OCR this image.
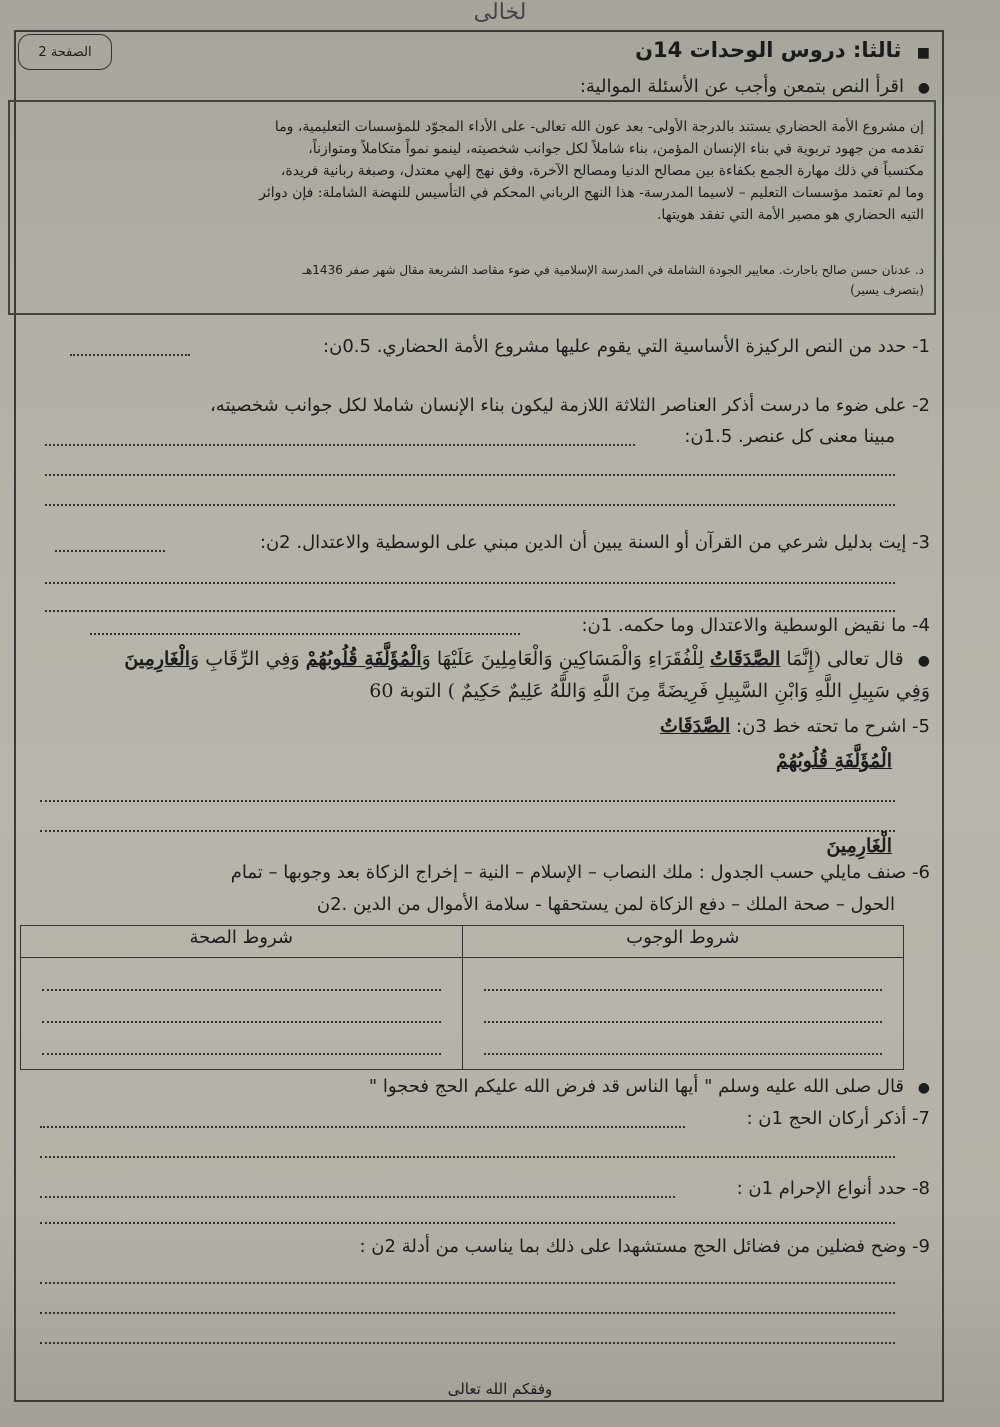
ﻟﺨﺎﻟﻰ
الصفحة 2	■ ثالثا: دروس الوحدات 14ن
● اقرأ النص بتمعن وأجب عن الأسئلة الموالية:

إن مشروع الأمة الحضاري يستند بالدرجة الأولى- بعد عون الله تعالى- على الأداء المجوّد للمؤسسات التعليمية، وما

تقدمه من جهود تربوية في بناء الإنسان المؤمن، بناء شاملاً لكل جوانب شخصيته، لينمو نمواً متكاملاً ومتوازناً،

مكتسباً في ذلك مهارة الجمع بكفاءة بين مصالح الدنيا ومصالح الآخرة، وفق نهج إلهي معتدل، وصبغة ربانية فريدة،

وما لم تعتمد مؤسسات التعليم – لاسيما المدرسة- هذا النهج الرباني المحكم في التأسيس للنهضة الشاملة: فإن دوائر

التيه الحضاري هو مصير الأمة التي تفقد هويتها.

د. عدنان حسن صالح باحارث. معايير الجودة الشاملة في المدرسة الإسلامية في ضوء مقاصد الشريعة مقال شهر صفر 1436هـ
(بتصرف يسير)
1- حدد من النص الركيزة الأساسية التي يقوم عليها مشروع الأمة الحضاري. 0.5ن:
2- على ضوء ما درست أذكر العناصر الثلاثة اللازمة ليكون بناء الإنسان شاملا لكل جوانب شخصيته،
مبينا معنى كل عنصر. 1.5ن:
3- إيت بدليل شرعي من القرآن أو السنة يبين أن الدين مبني على الوسطية والاعتدال. 2ن:
4- ما نقيض الوسطية والاعتدال وما حكمه. 1ن:
● قال تعالى (إِنَّمَا الصَّدَقَاتُ لِلْفُقَرَاءِ وَالْمَسَاكِينِ وَالْعَامِلِينَ عَلَيْهَا وَالْمُؤَلَّفَةِ قُلُوبُهُمْ وَفِي الرِّقَابِ وَالْغَارِمِينَ
وَفِي سَبِيلِ اللَّهِ وَابْنِ السَّبِيلِ فَرِيضَةً مِنَ اللَّهِ وَاللَّهُ عَلِيمٌ حَكِيمٌ ) التوبة 60
5- اشرح ما تحته خط 3ن: الصَّدَقَاتُ
الْمُؤَلَّفَةِ قُلُوبُهُمْ
الْغَارِمِينَ
6- صنف مايلي حسب الجدول : ملك النصاب – الإسلام – النية – إخراج الزكاة بعد وجوبها – تمام
الحول – صحة الملك – دفع الزكاة لمن يستحقها - سلامة الأموال من الدين .2ن
شروط الوجوب	شروط الصحة

● قال صلى الله عليه وسلم " أيها الناس قد فرض الله عليكم الحج فحجوا "
7- أذكر أركان الحج 1ن :
8- حدد أنواع الإحرام 1ن :
9- وضح فضلين من فضائل الحج مستشهدا على ذلك بما يناسب من أدلة 2ن :
وفقكم الله تعالى
